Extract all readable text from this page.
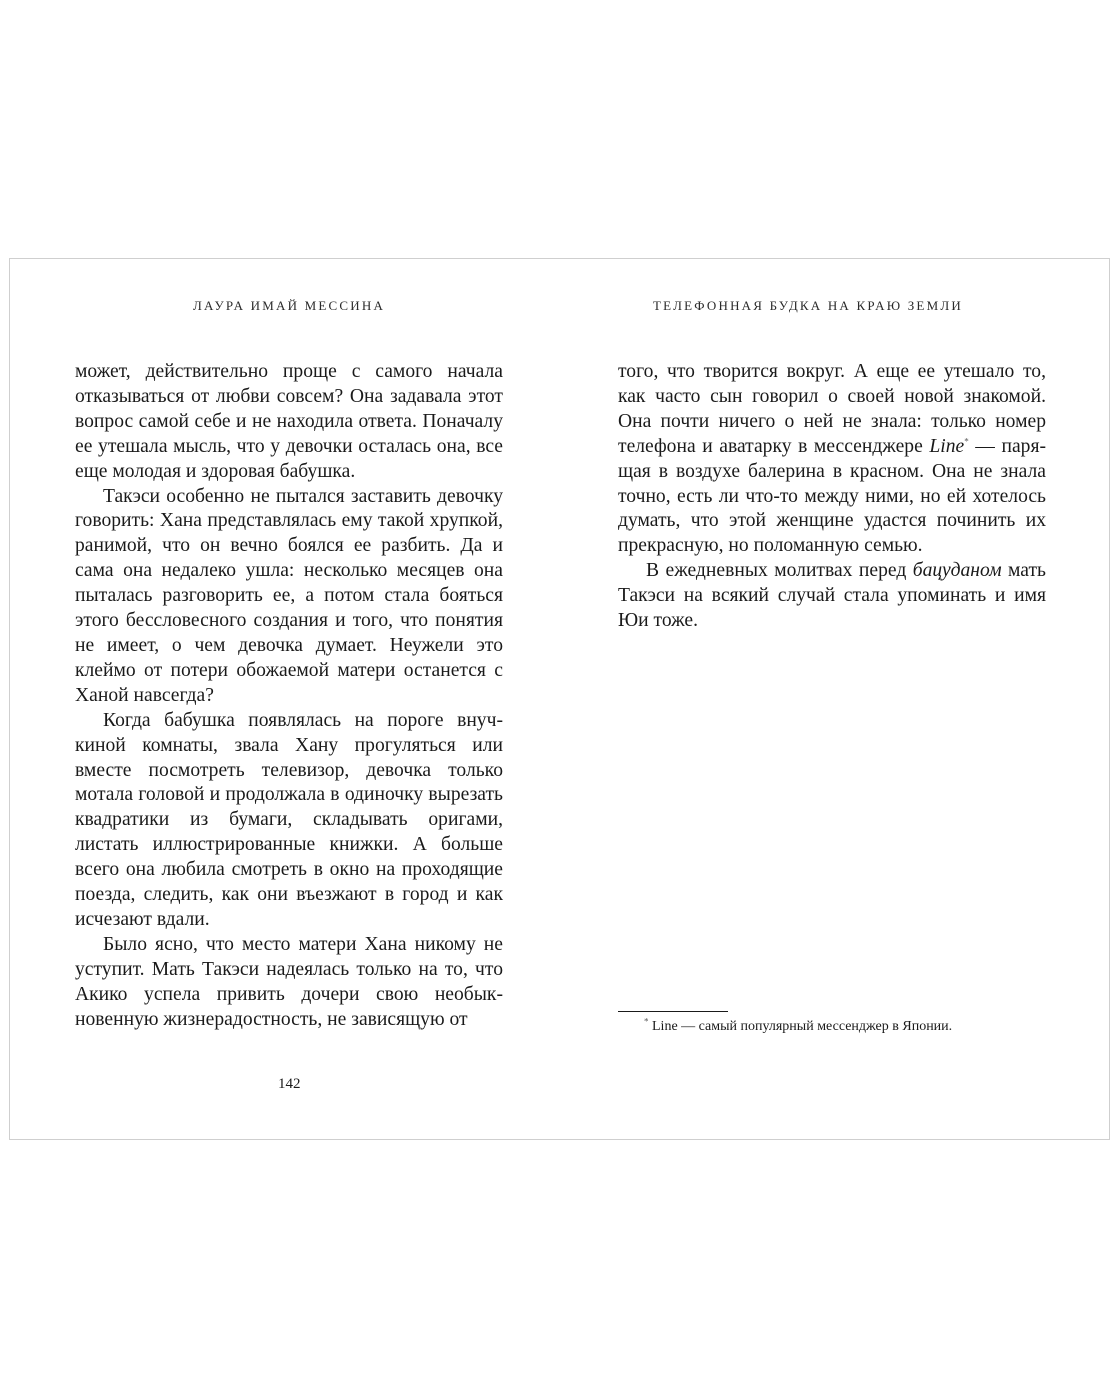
ЛАУРА ИМАЙ МЕССИНА	ТЕЛЕФОННАЯ БУДКА НА КРАЮ ЗЕМЛИ

может, действительно проще с самого начала отказываться от любви совсем? Она задавала этот вопрос самой себе и не находила ответа. Поначалу ее утешала мысль, что у девочки осталась она, все еще молодая и здоровая бабушка.

Такэси особенно не пытался заставить девочку говорить: Хана представлялась ему такой хрупкой, ранимой, что он вечно боялся ее разбить. Да и сама она недалеко ушла: несколько месяцев она пыталась разговорить ее, а потом стала бояться этого бессловесного создания и того, что понятия не имеет, о чем девочка думает. Неужели это клеймо от потери обожаемой матери останется с Ханой навсегда?

Когда бабушка появлялась на пороге внучкиной комнаты, звала Хану прогуляться или вместе посмотреть телевизор, девочка только мотала головой и продолжала в одиночку вырезать квадратики из бумаги, складывать оригами, листать иллюстрированные книжки. А больше всего она любила смотреть в окно на проходящие поезда, следить, как они въезжают в город и как исчезают вдали.

Было ясно, что место матери Хана никому не уступит. Мать Такэси надеялась только на то, что Акико успела привить дочери свою необыкновенную жизнерадостность, не зависящую от

142

того, что творится вокруг. А еще ее утешало то, как часто сын говорил о своей новой знакомой. Она почти ничего о ней не знала: только номер телефона и аватарку в мессенджере Line* — парящая в воздухе балерина в красном. Она не знала точно, есть ли что-то между ними, но ей хотелось думать, что этой женщине удастся починить их прекрасную, но поломанную семью.

В ежедневных молитвах перед бацуданом мать Такэси на всякий случай стала упоминать и имя Юи тоже.

* Line — самый популярный мессенджер в Японии.
